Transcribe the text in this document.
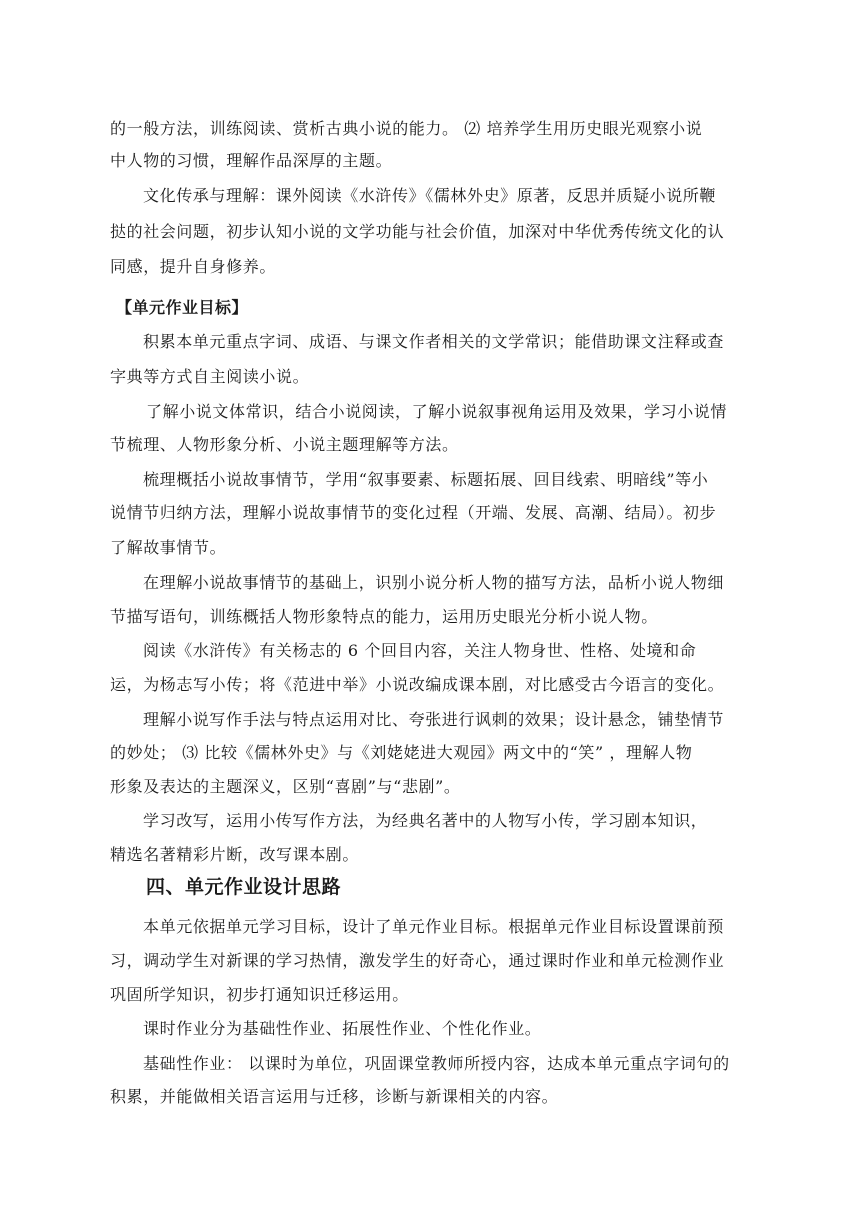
的一般方法，训练阅读、赏析古典小说的能力。 ⑵ 培养学生用历史眼光观察小说
中人物的习惯，理解作品深厚的主题。
文化传承与理解：课外阅读《水浒传》《儒林外史》原著，反思并质疑小说所鞭
挞的社会问题，初步认知小说的文学功能与社会价值，加深对中华优秀传统文化的认
同感，提升自身修养。
【单元作业目标】
积累本单元重点字词、成语、与课文作者相关的文学常识；能借助课文注释或查
字典等方式自主阅读小说。
了解小说文体常识，结合小说阅读，了解小说叙事视角运用及效果，学习小说情
节梳理、人物形象分析、小说主题理解等方法。
梳理概括小说故事情节，学用“叙事要素、标题拓展、回目线索、明暗线”等小
说情节归纳方法，理解小说故事情节的变化过程（开端、发展、高潮、结局）。初步
了解故事情节。
在理解小说故事情节的基础上，识别小说分析人物的描写方法，品析小说人物细
节描写语句，训练概括人物形象特点的能力，运用历史眼光分析小说人物。
阅读《水浒传》有关杨志的 6 个回目内容，关注人物身世、性格、处境和命
运，为杨志写小传；将《范进中举》小说改编成课本剧，对比感受古今语言的变化。
理解小说写作手法与特点运用对比、夸张进行讽刺的效果；设计悬念，铺垫情节
的妙处； ⑶ 比较《儒林外史》与《刘姥姥进大观园》两文中的“笑” ，理解人物
形象及表达的主题深义，区别“喜剧”与“悲剧”。
学习改写，运用小传写作方法，为经典名著中的人物写小传，学习剧本知识，
精选名著精彩片断，改写课本剧。
四、单元作业设计思路
本单元依据单元学习目标，设计了单元作业目标。根据单元作业目标设置课前预
习，调动学生对新课的学习热情，激发学生的好奇心，通过课时作业和单元检测作业
巩固所学知识，初步打通知识迁移运用。
课时作业分为基础性作业、拓展性作业、个性化作业。
基础性作业： 以课时为单位，巩固课堂教师所授内容，达成本单元重点字词句的
积累，并能做相关语言运用与迁移，诊断与新课相关的内容。
